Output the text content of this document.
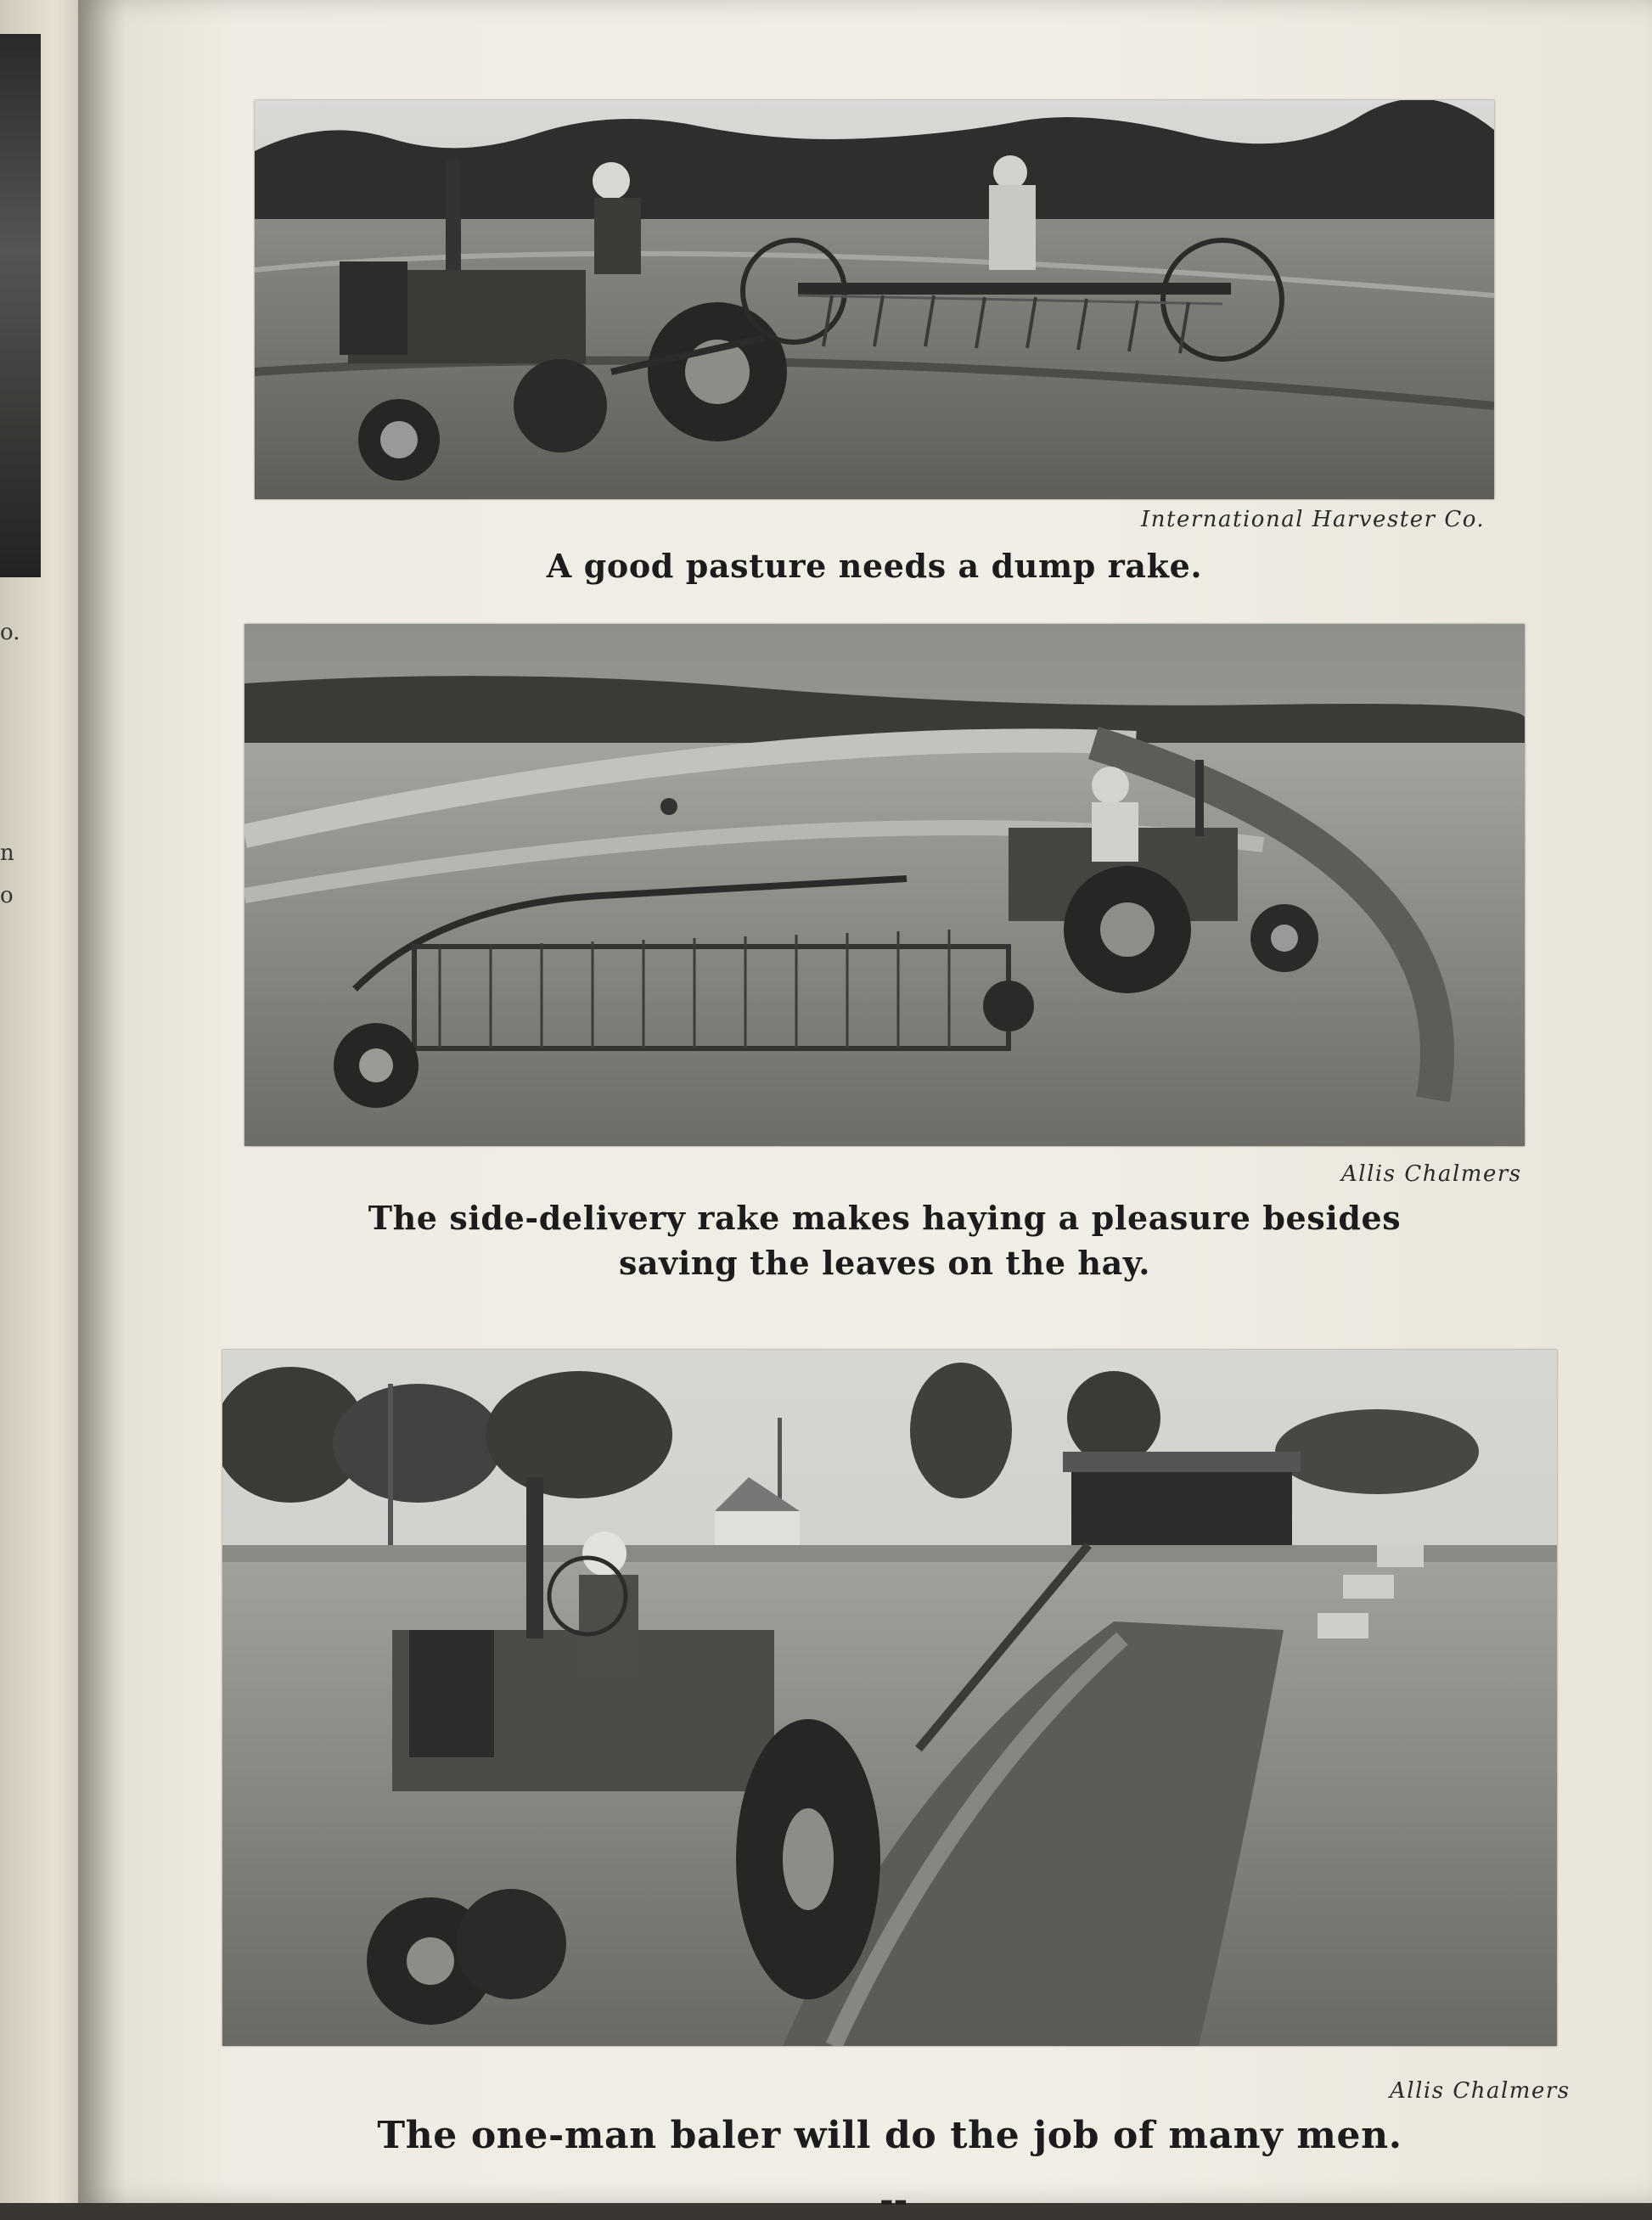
o.
n
o
International Harvester Co.
A good pasture needs a dump rake.
Allis Chalmers
The side-delivery rake makes haying a pleasure besides
saving the leaves on the hay.
Allis Chalmers
The one-man baler will do the job of many men.
--
